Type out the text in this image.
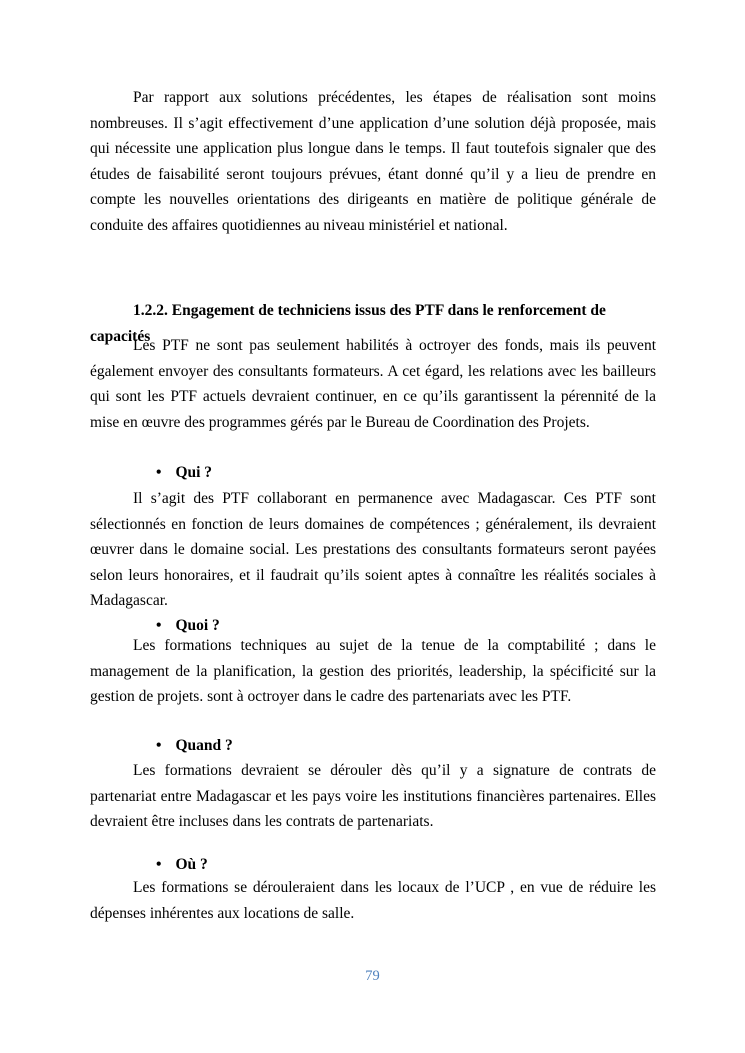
Par rapport aux solutions précédentes, les étapes de réalisation sont moins nombreuses. Il s’agit effectivement d’une application d’une solution déjà proposée, mais qui nécessite une application plus longue dans le temps. Il faut toutefois signaler que des études de faisabilité seront toujours prévues, étant donné qu’il y a lieu de prendre en compte les nouvelles orientations des dirigeants en matière de politique générale de conduite des affaires quotidiennes au niveau ministériel et national.

1.2.2. Engagement de techniciens issus des PTF dans le renforcement de capacités

Les PTF ne sont pas seulement habilités à octroyer des fonds, mais ils peuvent également envoyer des consultants formateurs. A cet égard, les relations avec les bailleurs qui sont les PTF actuels devraient continuer, en ce qu’ils garantissent la pérennité de la mise en œuvre des programmes gérés par le Bureau de Coordination des Projets.

• Qui ?

Il s’agit des PTF collaborant en permanence avec Madagascar. Ces PTF sont sélectionnés en fonction de leurs domaines de compétences ; généralement, ils devraient œuvrer dans le domaine social. Les prestations des consultants formateurs seront payées selon leurs honoraires, et il faudrait qu’ils soient aptes à connaître les réalités sociales à Madagascar.

• Quoi ?

Les formations techniques au sujet de la tenue de la comptabilité ; dans le management de la planification, la gestion des priorités, leadership, la spécificité sur la gestion de projets. sont à octroyer dans le cadre des partenariats avec les PTF.

• Quand ?

Les formations devraient se dérouler dès qu’il y a signature de contrats de partenariat entre Madagascar et les pays voire les institutions financières partenaires. Elles devraient être incluses dans les contrats de partenariats.

• Où ?

Les formations se dérouleraient dans les locaux de l’UCP , en vue de réduire les dépenses inhérentes aux locations de salle.

79
